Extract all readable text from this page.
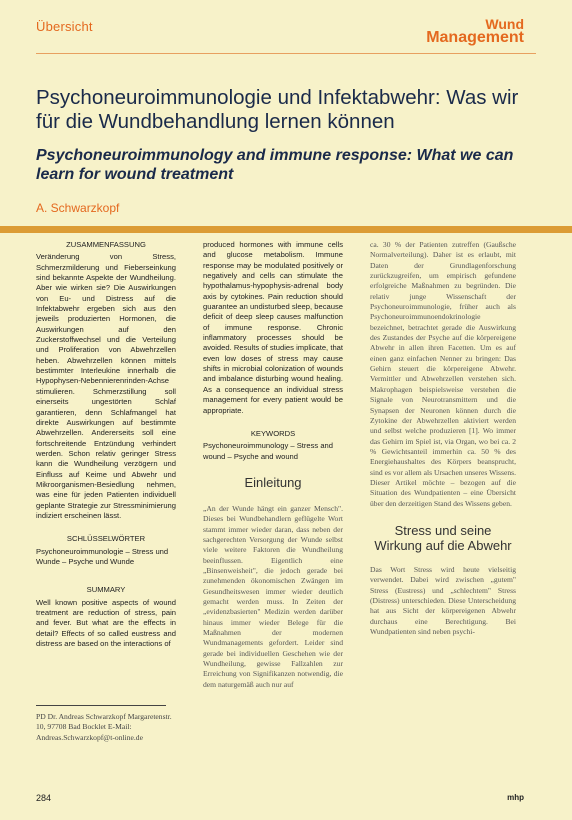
Übersicht	Wund
Management
Psychoneuroimmunologie und Infektabwehr: Was wir für die Wundbehandlung lernen können
Psychoneuroimmunology and immune response: What we can learn for wound treatment
A. Schwarzkopf
ZUSAMMENFASSUNG
Veränderung von Stress, Schmerzmilderung und Fieberseinkung sind bekannte Aspekte der Wundheilung. Aber wie wirken sie? Die Auswirkungen von Eu- und Distress auf die Infektabwehr ergeben sich aus den jeweils produzierten Hormonen, die Auswirkungen auf den Zuckerstoffwechsel und die Verteilung und Proliferation von Abwehrzellen heben. Abwehrzellen können mittels bestimmter Interleukine innerhalb die Hypophysen-Nebennierenrinden-Achse stimulieren. Schmerzstillung soll einerseits ungestörten Schlaf garantieren, denn Schlafmangel hat direkte Auswirkungen auf bestimmte Abwehrzellen. Andererseits soll eine fortschreitende Entzündung verhindert werden. Schon relativ geringer Stress kann die Wundheilung verzögern und Einfluss auf Keime und Abwehr und Mikroorganismen-Besiedlung nehmen, was eine für jeden Patienten individuell geplante Strategie zur Stressminimierung indiziert erscheinen lässt.
SCHLÜSSELWÖRTER
Psychoneuroimmunologie – Stress und Wunde – Psyche und Wunde
SUMMARY
Well known positive aspects of wound treatment are reduction of stress, pain and fever. But what are the effects in detail? Effects of so called eustress and distress are based on the interactions of
produced hormones with immune cells and glucose metabolism. Immune response may be modulated positively or negatively and cells can stimulate the hypothalamus-hypophysis-adrenal body axis by cytokines. Pain reduction should guarantee an undisturbed sleep, because deficit of deep sleep causes malfunction of immune response. Chronic inflammatory processes should be avoided. Results of studies implicate, that even low doses of stress may cause shifts in microbial colonization of wounds and imbalance disturbing wound healing. As a consequence an individual stress management for every patient would be appropriate.
KEYWORDS
Psychoneuroimmunology – Stress and wound – Psyche and wound
Einleitung
„An der Wunde hängt ein ganzer Mensch". Dieses bei Wundbehandlern geflügelte Wort stammt immer wieder daran, dass neben der sachgerechten Versorgung der Wunde selbst viele weitere Faktoren die Wundheilung beeinflussen. Eigentlich eine „Binsenweisheit", die jedoch gerade bei zunehmenden ökonomischen Zwängen im Gesundheitswesen immer wieder deutlich gemacht werden muss. In Zeiten der „evidenzbasierten" Medizin werden darüber hinaus immer wieder Belege für die Maßnahmen der modernen Wundmanagements gefordert. Leider sind gerade bei individuellen Geschehen wie der Wundheilung, gewisse Fallzahlen zur Erreichung von Signifikanzen notwendig, die dem naturgemäß auch nur auf
ca. 30 % der Patienten zutreffen (Gaußsche Normalverteilung). Daher ist es erlaubt, mit Daten der Grundlagenforschung zurückzugreifen, um empirisch gefundene erfolgreiche Maßnahmen zu begründen. Die relativ junge Wissenschaft der Psychoneuroimmunologie, früher auch als Psychoneuroimmunoendokrinologie bezeichnet, betrachtet gerade die Auswirkung des Zustandes der Psyche auf die körpereigene Abwehr in allen ihren Facetten. Um es auf einen ganz einfachen Nenner zu bringen: Das Gehirn steuert die körpereigene Abwehr. Vermittler und Abwehrzellen verstehen sich. Makrophagen beispielsweise verstehen die Signale von Neurotransmittern und die Synapsen der Neuronen können durch die Zytokine der Abwehrzellen aktiviert werden und selbst welche produzieren [1]. Wo immer das Gehirn im Spiel ist, via Organ, wo bei ca. 2 % Gewichtsanteil immerhin ca. 50 % des Energiehaushaltes des Körpers beansprucht, sind es vor allem als Ursachen unseres Wissens. Dieser Artikel möchte – bezogen auf die Situation des Wundpatienten – eine Übersicht über den derzeitigen Stand des Wissens geben.
Stress und seine Wirkung auf die Abwehr
Das Wort Stress wird heute vielseitig verwendet. Dabei wird zwischen „gutem" Stress (Eustress) und „schlechtem" Stress (Distress) unterschieden. Diese Unterscheidung hat aus Sicht der körpereigenen Abwehr durchaus eine Berechtigung. Bei Wundpatienten sind neben psychi-
PD Dr. Andreas Schwarzkopf Margaretenstr. 10, 97708 Bad Bocklet E-Mail: Andreas.Schwarzkopf@t-online.de
284	mhp
